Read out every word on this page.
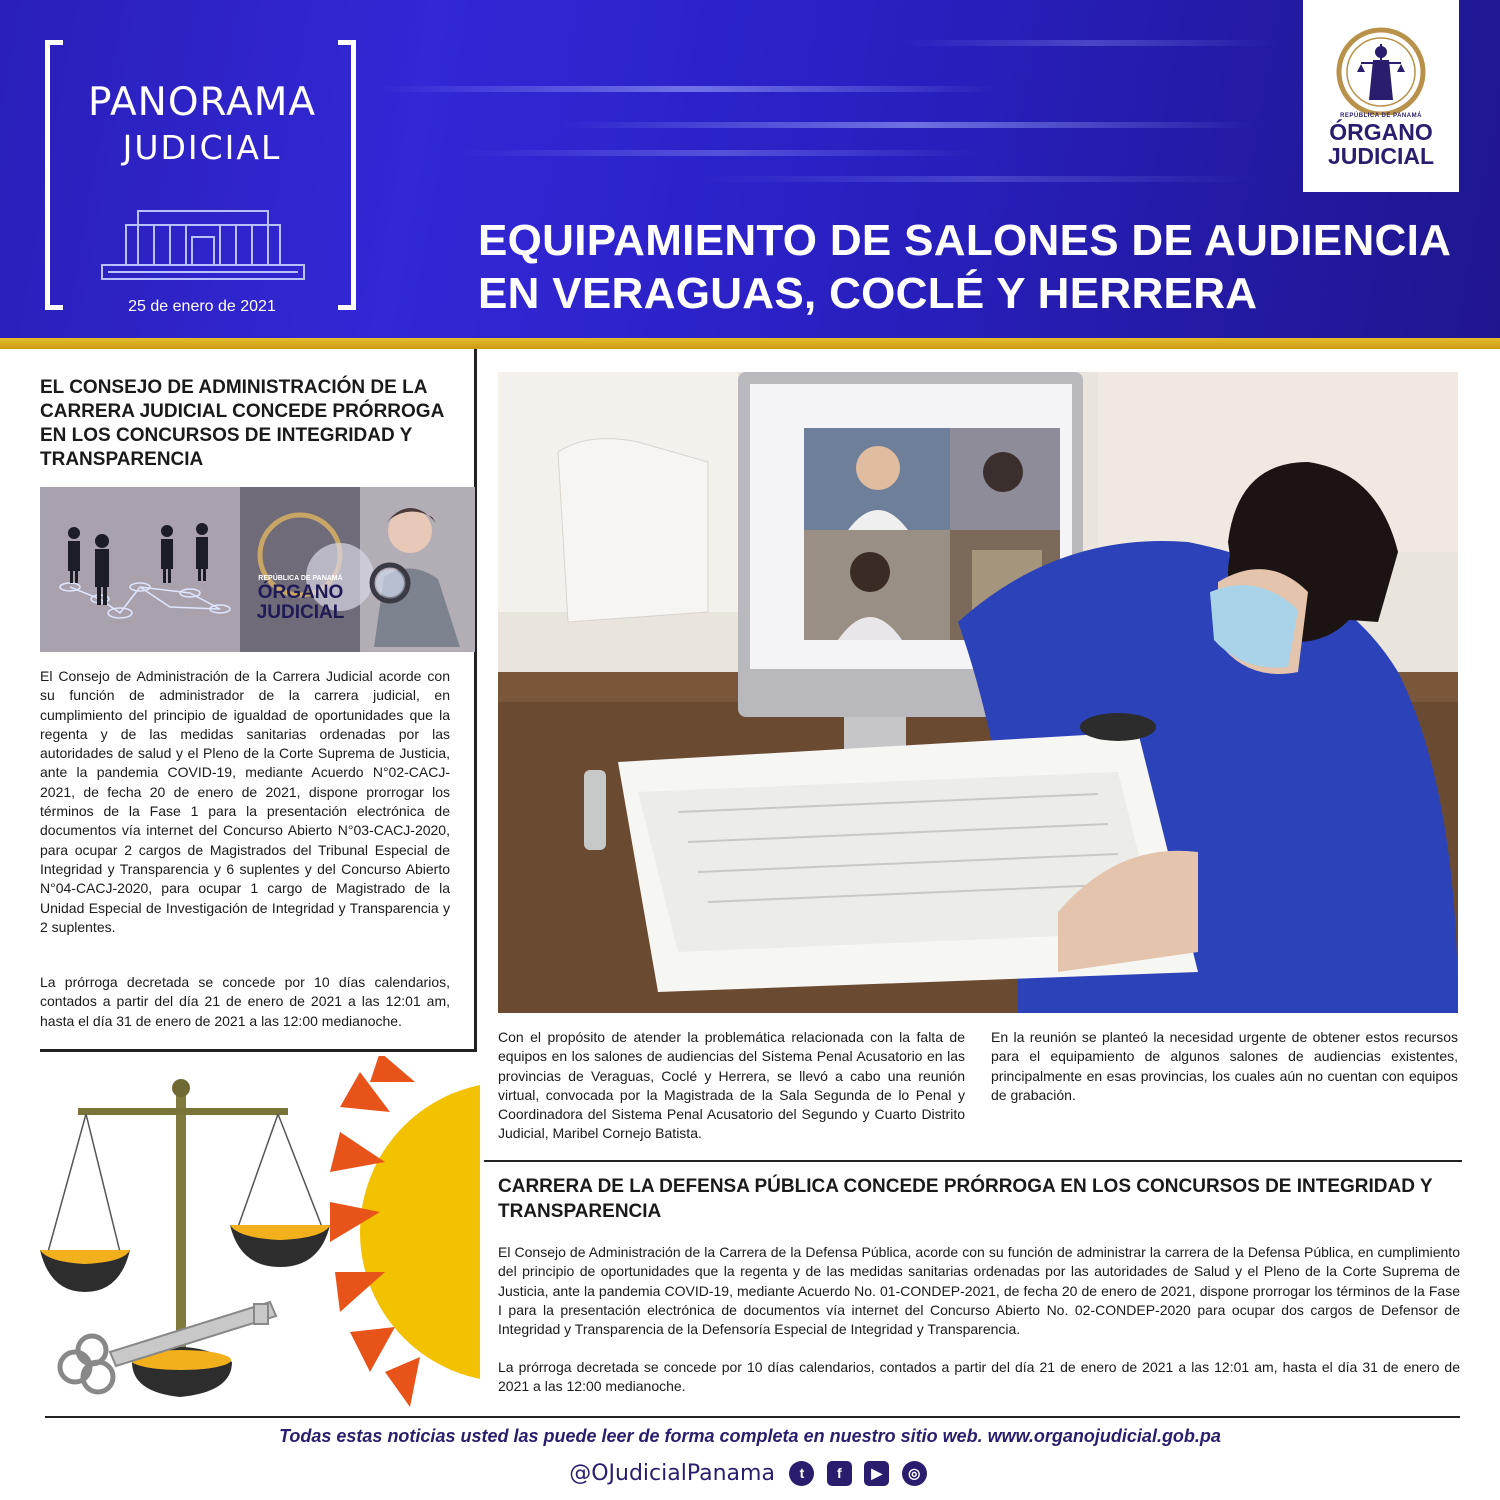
PANORAMA
JUDICIAL
25 de enero de 2021
REPÚBLICA DE PANAMÁ
ÓRGANO
JUDICIAL
EQUIPAMIENTO DE SALONES DE AUDIENCIA
EN VERAGUAS, COCLÉ Y HERRERA
EL CONSEJO DE ADMINISTRACIÓN DE LA CARRERA JUDICIAL CONCEDE PRÓRROGA EN LOS CONCURSOS DE INTEGRIDAD Y TRANSPARENCIA
REPÚBLICA DE PANAMÁ
ÓRGANO
JUDICIAL
El Consejo de Administración de la Carrera Judicial acorde con su función de administrador de la carrera judicial, en cumplimiento del principio de igualdad de oportunidades que la regenta y de las medidas sanitarias ordenadas por las autoridades de salud y el Pleno de la Corte Suprema de Justicia, ante la pandemia COVID-19, mediante Acuerdo N°02-CACJ-2021, de fecha 20 de enero de 2021, dispone prorrogar los términos de la Fase 1 para la presentación electrónica de documentos vía internet del Concurso Abierto N°03-CACJ-2020, para ocupar 2 cargos de Magistrados del Tribunal Especial de Integridad y Transparencia y 6 suplentes y del Concurso Abierto N°04-CACJ-2020, para ocupar 1 cargo de Magistrado de la Unidad Especial de Investigación de Integridad y Transparencia y 2 suplentes.
La prórroga decretada se concede por 10 días calendarios, contados a partir del día 21 de enero de 2021 a las 12:01 am, hasta el día 31 de enero de 2021 a las 12:00 medianoche.
Con el propósito de atender la problemática relacionada con la falta de equipos en los salones de audiencias del Sistema Penal Acusatorio en las provincias de Veraguas, Coclé y Herrera, se llevó a cabo una reunión virtual, convocada por la Magistrada de la Sala Segunda de lo Penal y Coordinadora del Sistema Penal Acusatorio del Segundo y Cuarto Distrito Judicial, Maribel Cornejo Batista.
En la reunión se planteó la necesidad urgente de obtener estos recursos para el equipamiento de algunos salones de audiencias existentes, principalmente en esas provincias, los cuales aún no cuentan con equipos de grabación.
CARRERA DE LA DEFENSA PÚBLICA CONCEDE PRÓRROGA EN LOS CONCURSOS DE INTEGRIDAD Y TRANSPARENCIA
El Consejo de Administración de la Carrera de la Defensa Pública, acorde con su función de administrar la carrera de la Defensa Pública, en cumplimiento del principio de oportunidades que la regenta y de las medidas sanitarias ordenadas por las autoridades de Salud y el Pleno de la Corte Suprema de Justicia, ante la pandemia COVID-19, mediante Acuerdo No. 01-CONDEP-2021, de fecha 20 de enero de 2021, dispone prorrogar los términos de la Fase I para la presentación electrónica de documentos vía internet del Concurso Abierto No. 02-CONDEP-2020 para ocupar dos cargos de Defensor de Integridad y Transparencia de la Defensoría Especial de Integridad y Transparencia.
La prórroga decretada se concede por 10 días calendarios, contados a partir del día 21 de enero de 2021 a las 12:01 am, hasta el día 31 de enero de 2021 a las 12:00 medianoche.
Todas estas noticias usted las puede leer de forma completa en nuestro sitio web. www.organojudicial.gob.pa
@OJudicialPanama t f ▶ ◎
